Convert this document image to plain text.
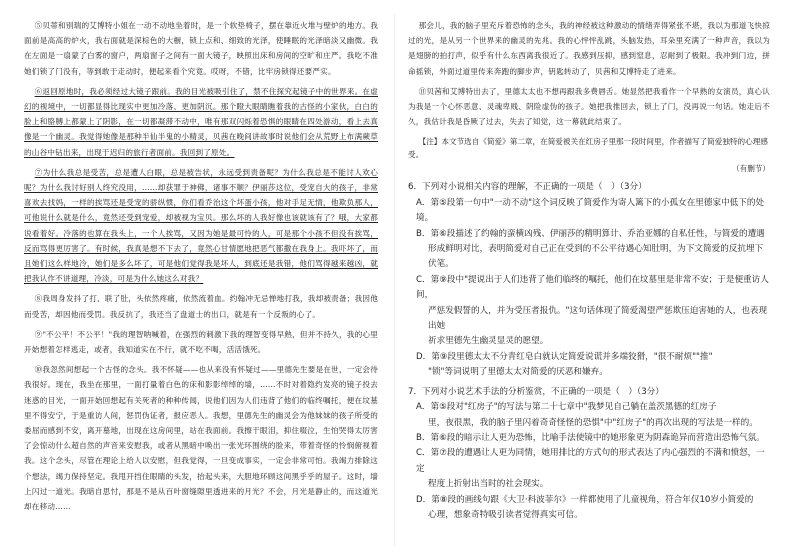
⑤贝蒂和别瑞的艾博特小姐在一动不动地坐着时，是一个软垫椅子，摆在靠近火堆与壁炉的地方。我面前是高高的炉火，我右面就是深棕色的大橱，锁上点和、细致的光泽，使睡眠的光泽暗淡又幽微。我在左面是一扇蒙了白雾的窗户，两扇窗子之间有一面大镜子，映照出床和房间的空旷和庄严。我吃不准她们锁了门没有，等到敢于走动时，便起来看个究竟。哎呀，不错，比牢房锁得还要严实。

⑥返回原地时，我必须经过大镜子跟前。我的目光被吸引住了，禁不住探究起镜子中的世界来。在虚幻的视境中，一切都显得比现实中更加冷落、更加阴沉。那个瞪大眼睛瞧着我的古怪的小家伙，白白的脸上和胳膊上都蒙上了阴影，在一切都凝滞不动中，唯有那双闪烁着恐惧的眼睛在四处游动，看上去真像是一个幽灵。我觉得她像是那种半仙半鬼的小精灵，贝茜在晚间讲故事时说他们会从荒野上布满蕨草的山谷中钻出来，出现于迟归的旅行者面前。我回到了原处。

⑦为什么我总是受苦，总是遭人白眼，总是被告状，永远受到责备呢？为什么我总是不能讨人欢心呢？为什么我讨好别人终究没用，……却获罪于神佛，诸事不顺？伊丽莎这位，受宠自大的孩子，非常喜欢去找妈，一样的挨骂还是受宠的骄纵惯，你们看乔治这个坏蛋小孩，他对手足无情，他欺负那人，可他说什么就是什么，竟然还受到宠爱，却被视为宝贝。那么坏的人我好像也该就该有了？哦，大家都说看着好。冷落的也算在我头上，一个人挨骂，又因为她是最可怜的人，可是那个小孩不但没有挨骂，反而骂得更厉害了。有时候，我真是想不下去了，竟然心甘情愿地把恶气都撒在我身上。我吓坏了，而且她们这么样地冷，她们是多么坏了，可是他们觉得我是坏人，到底还是我错，他们骂得越来越凶，就把我认作不讲道理，冷淡，可是为什么她这么对我？

⑧我周身发抖了打、联了肚，头依然疼痛，依然流着血。约翰冲无忌惮地打我，我却被责备；我因他而受苦，却因他而受罚。我反抗了，我还当了盘道士的出口，就是有一个反叛的心了。

⑨"不公平！不公平！"我的理智呐喊着，在强烈的刺激下我的理智变得早熟，但并不持久，我的心里开始想着怎样逃走，或者，我知道实在不行，就不吃不喝，活活饿死。

⑩我忽然间想起一个古怪的念头。我不怀疑——也从来没有怀疑过——里德先生要是在世，一定会待我很好。现在，我坐在那里，一面打量着白色的床和影影绰绰的墙，……不时对着隐约发亮的镜子投去迷惑的目光，一面开始回想起有关死者的种种传闻，说他们因为人们违背了他们的临终嘱托，便在坟墓里不得安宁，于是重访人间，惩罚伪证者，报应恶人。我想，里德先生的幽灵会为他妹妹的孩子所受的委屈而感到不安，离开墓地，出现在这房间里，站在我面前。我擦干眼泪，抑住啜泣，生怕哭得太厉害了会惊动什么超自然的声音来安慰我，或者从黑暗中唤出一张光环围绕的脸来，带着奇怪的怜悯俯视着我。这个念头，尽管在理论上给人以安慰，但我觉得，一旦变成事实，一定会非常可怕。我竭力排除这个想法，竭力保持坚定。我甩开挡住眼睛的头发，抬起头来，大胆地环顾这间黑乎乎的屋子。这时，墙上闪过一道光。我暗自思忖，那是不是从百叶窗缝隙里透进来的月光？不会，月光是静止的，而这道光却在移动……

那会儿，我的脑子里充斥着恐怖的念头，我的神经被这种激动的情绪弄得紧张不堪，我以为那道飞快掠过的光，是从另一个世界来的幽灵的先兆。我的心怦怦乱跳，头脑发热，耳朵里充满了一种声音，我以为是翅膀的拍打声，似乎有什么东西离我很近了。我感到压抑，感到窒息，忍耐到了极限。我冲到门边，拼命摇锁，外面过道里传来奔跑的脚步声，钥匙转动了，贝茜和艾博特走了进来。

⑪贝茜和艾博特出去了，里德太太也不想再跟我多费唇舌。她显然把我看作一个早熟的女演员，真心认为我是一个心怀恶意、灵魂卑贱、阴险虚伪的孩子。她把我推回去，锁上了门，没再说一句话。她走后不久，我估计我是昏厥了过去，失去了知觉，这一幕就此结束了。

【注】本文节选自《简爱》第二章，在简爱被关在红房子里那一段时间里，作者描写了简爱独特的心理感受。

（有删节）

6．下列对小说相关内容的理解，不正确的一项是（　）（3分）

A．第⑤段第一句中"一动不动"这个词反映了简爱作为寄人篱下的小孤女在里德家中低下的处境。

B．第⑥段描述了约翰的蛮横凶残、伊丽莎的精明算计、乔治亚娜的自私任性，与简爱的遭遇

形成鲜明对比，表明简爱对自己正在受到的不公平待遇心知肚明，为下文简爱的反抗埋下伏笔。

C．第⑨段中"提说出于人们违背了他们临终的嘱托，他们在坟墓里是非常不安；于是便重访人间，

严惩发假誓的人，并为受压者报仇。"这句话体现了简爱渴望严惩欺压迫害她的人，也表现出她

祈求里德先生幽灵显灵的愿望。

D．第⑨段里德太太不分青红皂白就认定简爱说谎并多端狡猾，"很不耐烦""推"

"锁"等词说明了里德太太对简爱的厌恶和嫌弃。

7．下列对小说艺术手法的分析鉴赏，不正确的一项是（　）（3分）

A．第⑤段对"红房子"的写法与第二十七章中"我梦见自己躺在盖茨黑德的红房子

里，夜很黑，我的脑子里闪着奇奇怪怪的恐惧"中"红房子"的再次出现的写法是一样的。

B．第⑥段的暗示让人更为恐怖，比喻手法使镜中的她形象更为阴森诡异而营造出恐怖气氛。

C．第⑦段的遭遇让人更为同情，她用排比的方式句的形式表达了内心强烈的不满和愤怒，一定

程度上折射出当时的社会现实。

D．第⑧段的画线句跟《大卫·科波菲尔》一样都使用了儿童视角，符合年仅10岁小简爱的

心理，想象奇特吸引读者觉得真实可信。
